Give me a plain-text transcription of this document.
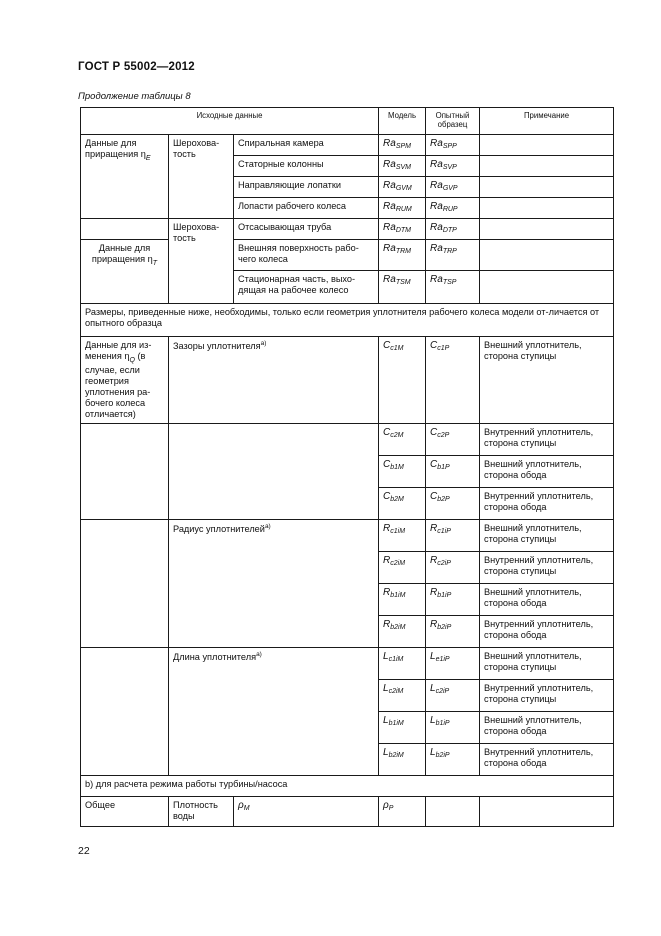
ГОСТ Р 55002—2012
Продолжение таблицы 8
Исходные данные			Модель	Опытный образец	Примечание
Данные для приращения $\eta_E$	Шерохова-тость	Спиральная камера	$Ra_{SPM}$	$Ra_{SPP}$	
		Статорные колонны	$Ra_{SVM}$	$Ra_{SVP}$	
		Направляющие лопатки	$Ra_{GVM}$	$Ra_{GVP}$	
		Лопасти рабочего колеса	$Ra_{RUM}$	$Ra_{RUP}$	
	Шерохова-тость	Отсасывающая труба	$Ra_{DTM}$	$Ra_{DTP}$	
Данные для приращения $\eta_T$		Внешняя поверхность рабо-чего колеса	$Ra_{TRM}$	$Ra_{TRP}$	
		Стационарная часть, выхо-дящая на рабочее колесо	$Ra_{TSM}$	$Ra_{TSP}$	
Размеры, приведенные ниже, необходимы, только если геометрия уплотнителя рабочего колеса модели от-личается от опытного образца					
Данные для из-менения $\eta_Q$ (в случае, если геометрия уплотнения ра-бочего колеса отличается)	Зазоры уплотнителя$^{a)}$		$C_{c1M}$	$C_{c1P}$	Внешний уплотнитель, сторона ступицы
			$C_{c2M}$	$C_{c2P}$	Внутренний уплотнитель, сторона ступицы
			$C_{b1M}$	$C_{b1P}$	Внешний уплотнитель, сторона обода
			$C_{b2M}$	$C_{b2P}$	Внутренний уплотнитель, сторона обода
	Радиус уплотнителей$^{a)}$		$R_{c1iM}$	$R_{c1iP}$	Внешний уплотнитель, сторона ступицы
			$R_{c2iM}$	$R_{c2iP}$	Внутренний уплотнитель, сторона ступицы
			$R_{b1iM}$	$R_{b1iP}$	Внешний уплотнитель, сторона обода
			$R_{b2iM}$	$R_{b2iP}$	Внутренний уплотнитель, сторона обода
	Длина уплотнителя$^{a)}$		$L_{c1iM}$	$L_{e1iP}$	Внешний уплотнитель, сторона ступицы
			$L_{c2iM}$	$L_{c2iP}$	Внутренний уплотнитель, сторона ступицы
			$L_{b1iM}$	$L_{b1iP}$	Внешний уплотнитель, сторона обода
			$L_{b2iM}$	$L_{b2iP}$	Внутренний уплотнитель, сторона обода
b) для расчета режима работы турбины/насоса					
Общее	Плотность воды	$\rho_M$	$\rho_P$		
22
